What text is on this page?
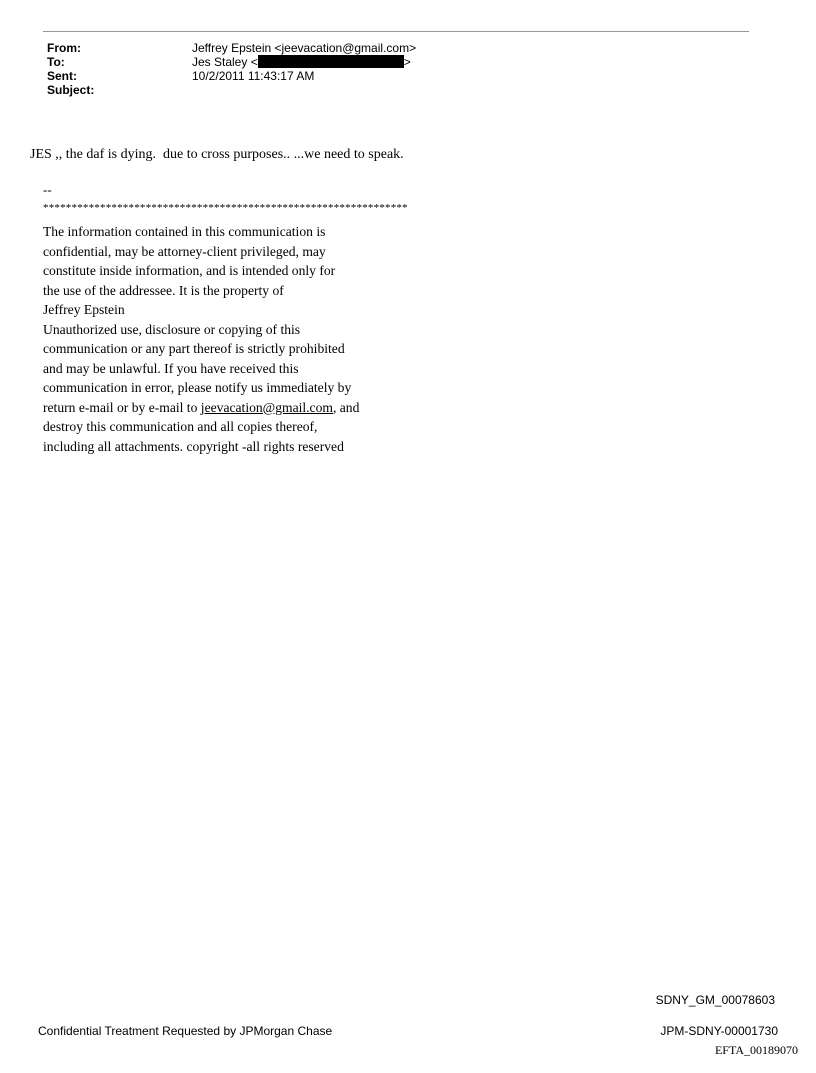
From:	Jeffrey Epstein <jeevacation@gmail.com>
To:	Jes Staley <	>
Sent:	10/2/2011 11:43:17 AM
Subject:
JES ,, the daf is dying.  due to cross purposes.. ...we need to speak.
--
****************************************************************
The information contained in this communication is
confidential, may be attorney-client privileged, may
constitute inside information, and is intended only for
the use of the addressee. It is the property of
Jeffrey Epstein
Unauthorized use, disclosure or copying of this
communication or any part thereof is strictly prohibited
and may be unlawful. If you have received this
communication in error, please notify us immediately by
return e-mail or by e-mail to jeevacation@gmail.com, and
destroy this communication and all copies thereof,
including all attachments. copyright -all rights reserved
SDNY_GM_00078603
Confidential Treatment Requested by JPMorgan Chase	JPM-SDNY-00001730
EFTA_00189070
